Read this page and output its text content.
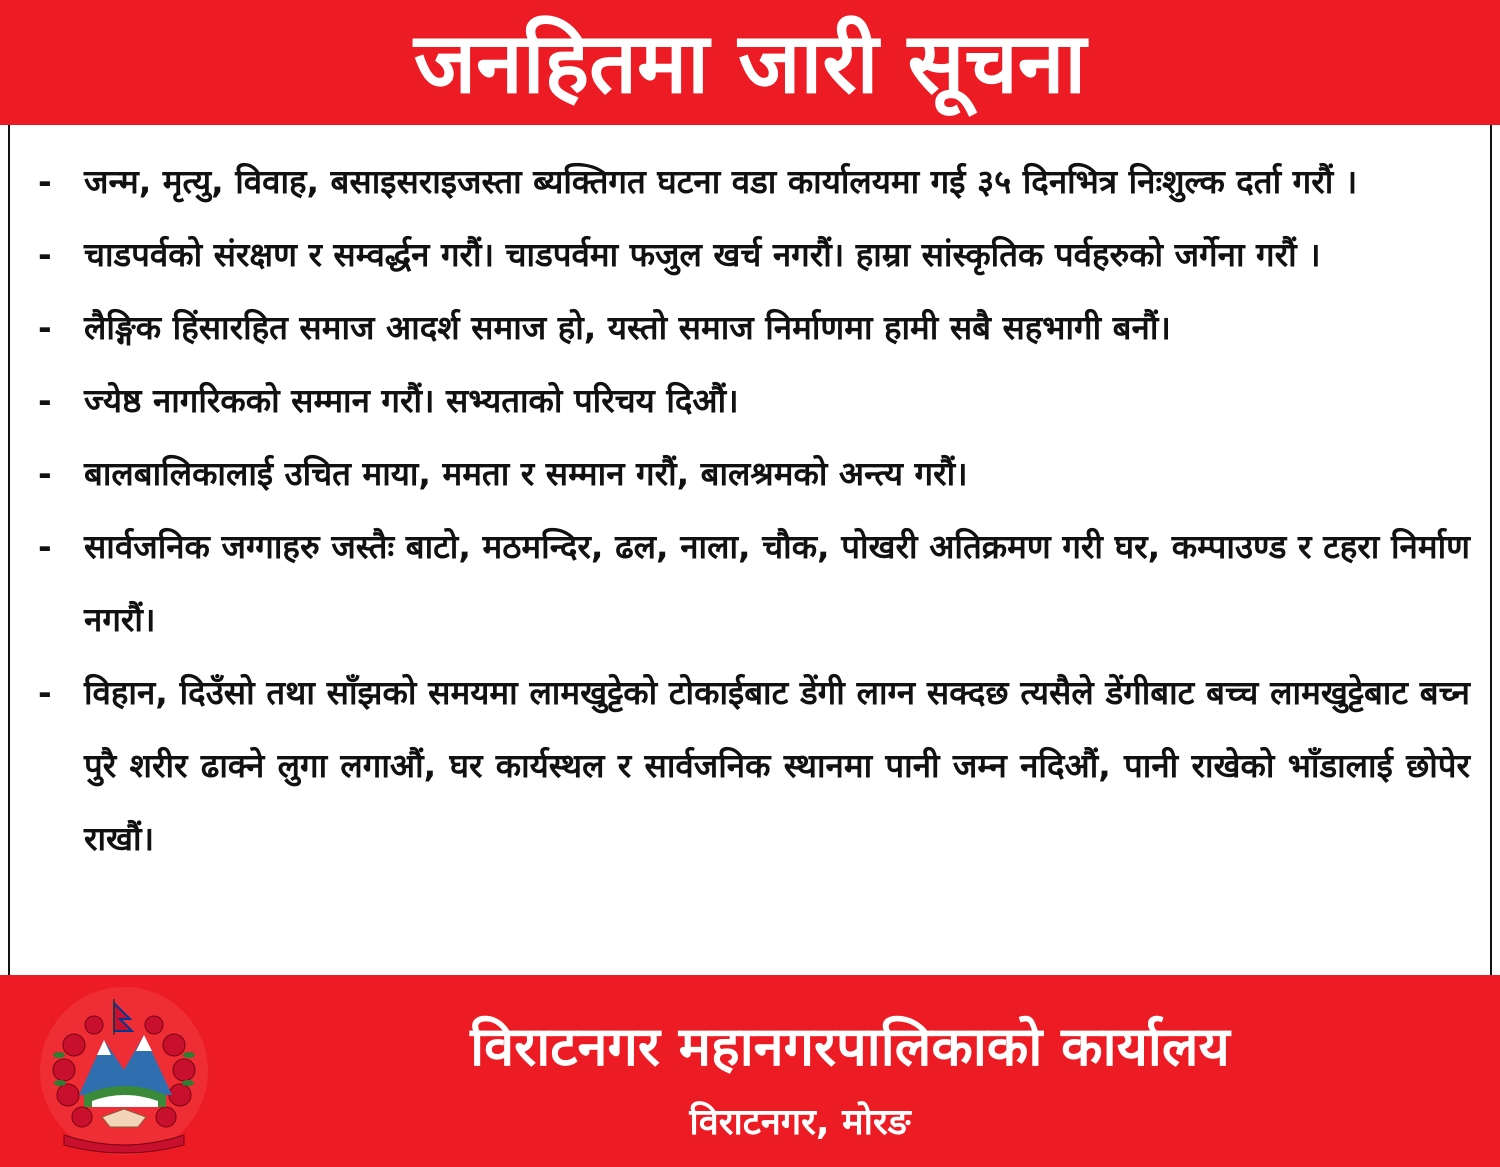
जनहितमा जारी सूचना
- जन्म, मृत्यु, विवाह, बसाइसराइजस्ता ब्यक्तिगत घटना वडा कार्यालयमा गई ३५ दिनभित्र निःशुल्क दर्ता गरौं ।
- चाडपर्वको संरक्षण र सम्वर्द्धन गरौं। चाडपर्वमा फजुल खर्च नगरौं। हाम्रा सांस्कृतिक पर्वहरुको जर्गेना गरौं ।
- लैङ्गिक हिंसारहित समाज आदर्श समाज हो, यस्तो समाज निर्माणमा हामी सबै सहभागी बनौं।
- ज्येष्ठ नागरिकको सम्मान गरौं। सभ्यताको परिचय दिऔं।
- बालबालिकालाई उचित माया, ममता र सम्मान गरौं, बालश्रमको अन्त्य गरौं।
- सार्वजनिक जग्गाहरु जस्तैः बाटो, मठमन्दिर, ढल, नाला, चौक, पोखरी अतिक्रमण गरी घर, कम्पाउण्ड र टहरा निर्माण नगरौं।
- विहान, दिउँसो तथा साँझको समयमा लामखुट्टेको टोकाईबाट डेंगी लाग्न सक्दछ त्यसैले डेंगीबाट बच्च लामखुट्टेबाट बच्न पुरै शरीर ढाक्ने लुगा लगाऔं, घर कार्यस्थल र सार्वजनिक स्थानमा पानी जम्न नदिऔं, पानी राखेको भाँडालाई छोपेर राखौं।
विराटनगर महानगरपालिकाको कार्यालय
विराटनगर, मोरङ
